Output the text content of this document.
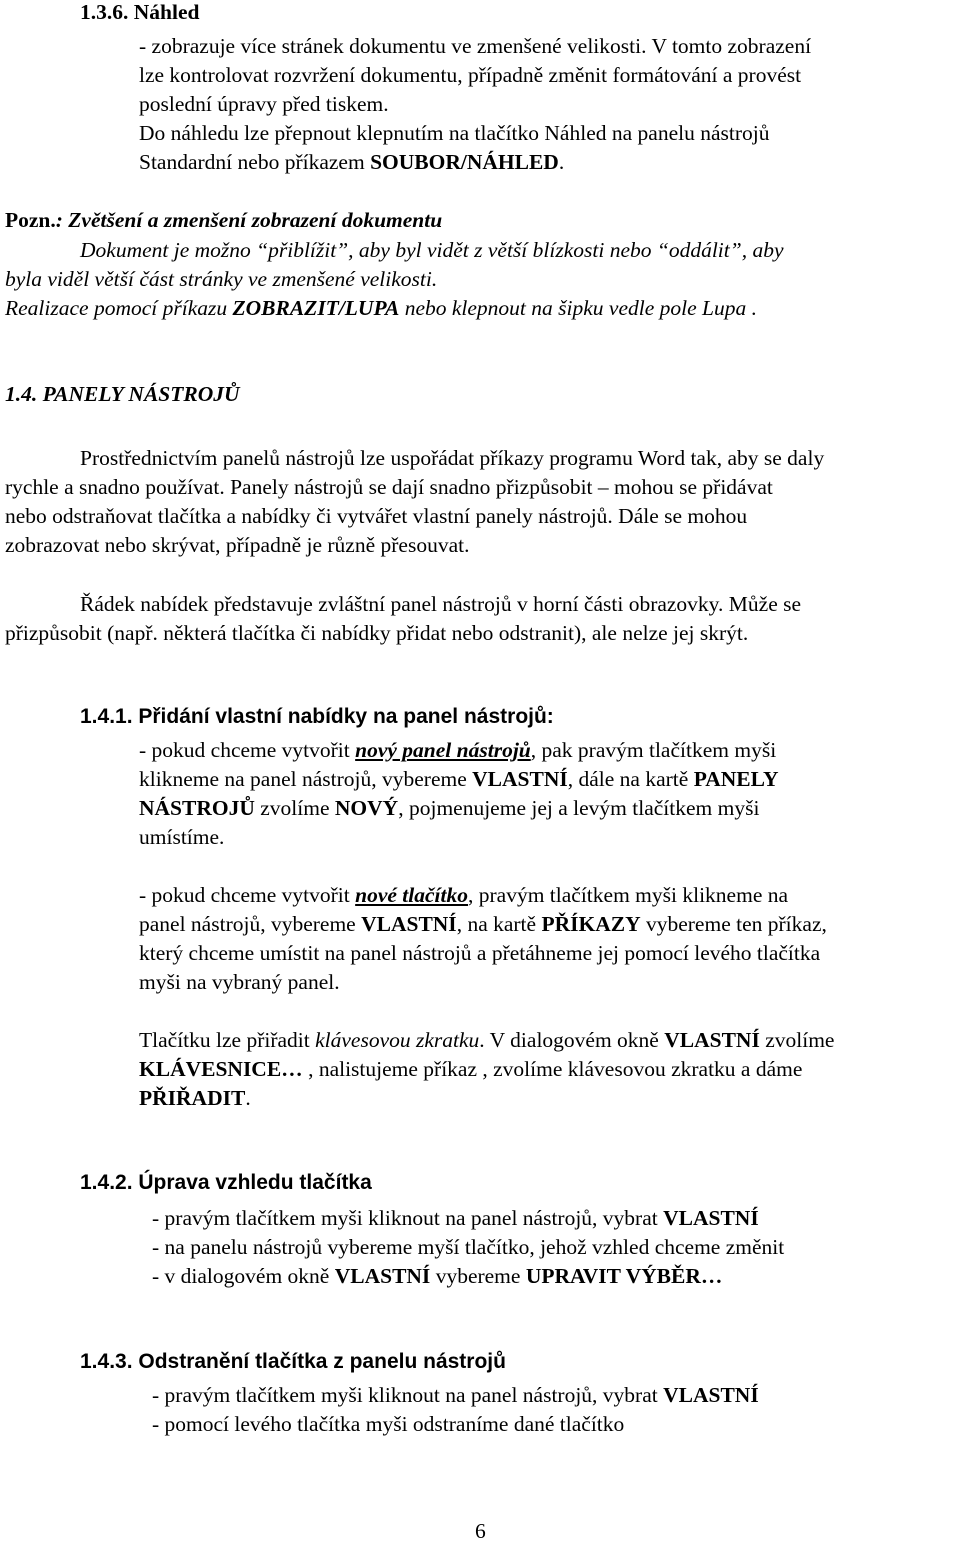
1.3.6. Náhled
- zobrazuje více stránek dokumentu ve zmenšené velikosti. V tomto zobrazení
lze kontrolovat rozvržení dokumentu, případně změnit formátování a provést
poslední úpravy před tiskem.
Do náhledu lze přepnout klepnutím na tlačítko Náhled na panelu nástrojů
Standardní nebo příkazem SOUBOR/NÁHLED.
Pozn.: Zvětšení a zmenšení zobrazení dokumentu
Dokument je možno “přiblížit”, aby byl vidět z větší blízkosti nebo “oddálit”, aby
byla viděl větší část stránky ve zmenšené velikosti.
Realizace pomocí příkazu ZOBRAZIT/LUPA nebo klepnout na šipku vedle pole Lupa .
1.4. PANELY NÁSTROJŮ
Prostřednictvím panelů nástrojů lze uspořádat příkazy programu Word tak, aby se daly
rychle a snadno používat. Panely nástrojů se dají snadno přizpůsobit – mohou se přidávat
nebo odstraňovat tlačítka a nabídky či vytvářet vlastní panely nástrojů. Dále se mohou
zobrazovat nebo skrývat, případně je různě přesouvat.
Řádek nabídek představuje zvláštní panel nástrojů v horní části obrazovky. Může se
přizpůsobit (např. některá tlačítka či nabídky přidat nebo odstranit), ale nelze jej skrýt.
1.4.1. Přidání vlastní nabídky na panel nástrojů:
- pokud chceme vytvořit nový panel nástrojů, pak pravým tlačítkem myši
klikneme na panel nástrojů, vybereme VLASTNÍ, dále na kartě PANELY
NÁSTROJŮ zvolíme NOVÝ, pojmenujeme jej a levým tlačítkem myši
umístíme.
- pokud chceme vytvořit nové tlačítko, pravým tlačítkem myši klikneme na
panel nástrojů, vybereme VLASTNÍ, na kartě PŘÍKAZY vybereme ten příkaz,
který chceme umístit na panel nástrojů a přetáhneme jej pomocí levého tlačítka
myši na vybraný panel.
Tlačítku lze přiřadit klávesovou zkratku. V dialogovém okně VLASTNÍ zvolíme
KLÁVESNICE… , nalistujeme příkaz , zvolíme klávesovou zkratku a dáme
PŘIŘADIT.
1.4.2. Úprava vzhledu tlačítka
- pravým tlačítkem myši kliknout na panel nástrojů, vybrat VLASTNÍ
- na panelu nástrojů vybereme myší tlačítko, jehož vzhled chceme změnit
- v dialogovém okně VLASTNÍ vybereme UPRAVIT VÝBĚR…
1.4.3. Odstranění tlačítka z panelu nástrojů
- pravým tlačítkem myši kliknout na panel nástrojů, vybrat VLASTNÍ
- pomocí levého tlačítka myši odstraníme dané tlačítko
6
